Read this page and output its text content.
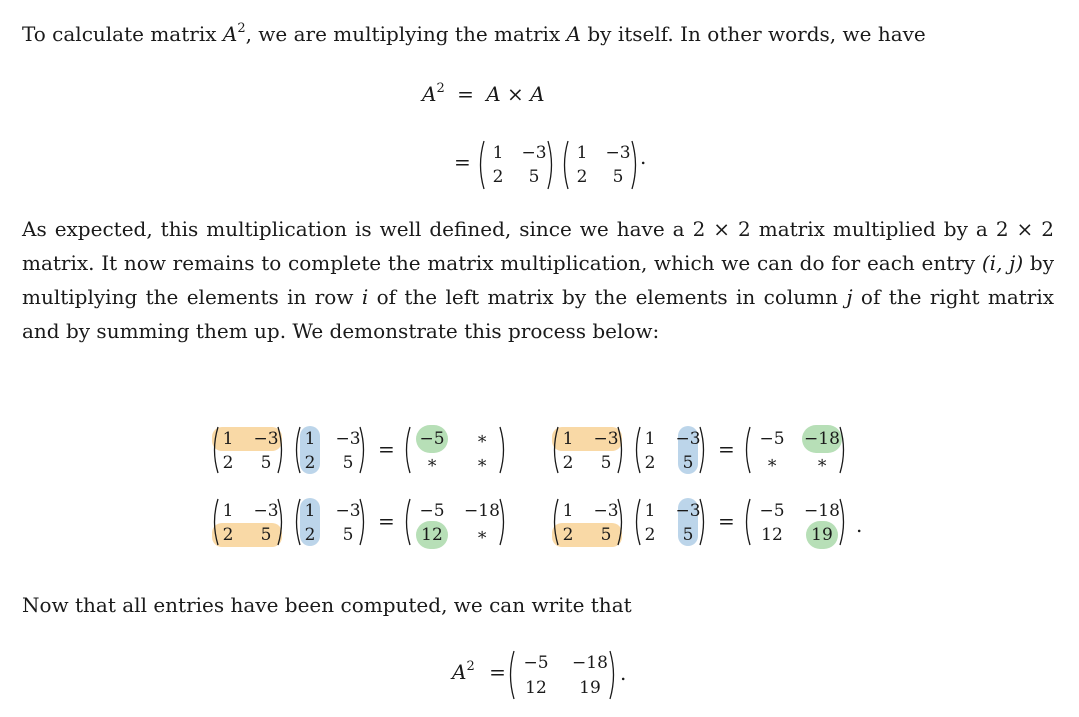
To calculate matrix $A^2$, we are multiplying the matrix A by itself. In other words, we have
$A^2 = A \times A$
=	1	−3
2	5
1	−3
2	5
.
As expected, this multiplication is well defined, since we have a 2 × 2 matrix multiplied by a 2 × 2 matrix. It now remains to complete the matrix multiplication, which we can do for each entry (i, j) by multiplying the elements in row i of the left matrix by the elements in column j of the right matrix and by summing them up. We demonstrate this process below:
1	−3
2	5
1	−3
2	5
=	−5	∗
∗	∗
1	−3
2	5
1	−3
2	5
=	−5	−18
∗	∗
1	−3
2	5
1	−3
2	5
=	−5	−18
12	∗
1	−3
2	5
1	−3
2	5
=	−5	−18
12	19	.
Now that all entries have been computed, we can write that
$A^2$ =	−5	−18
12	19
.
